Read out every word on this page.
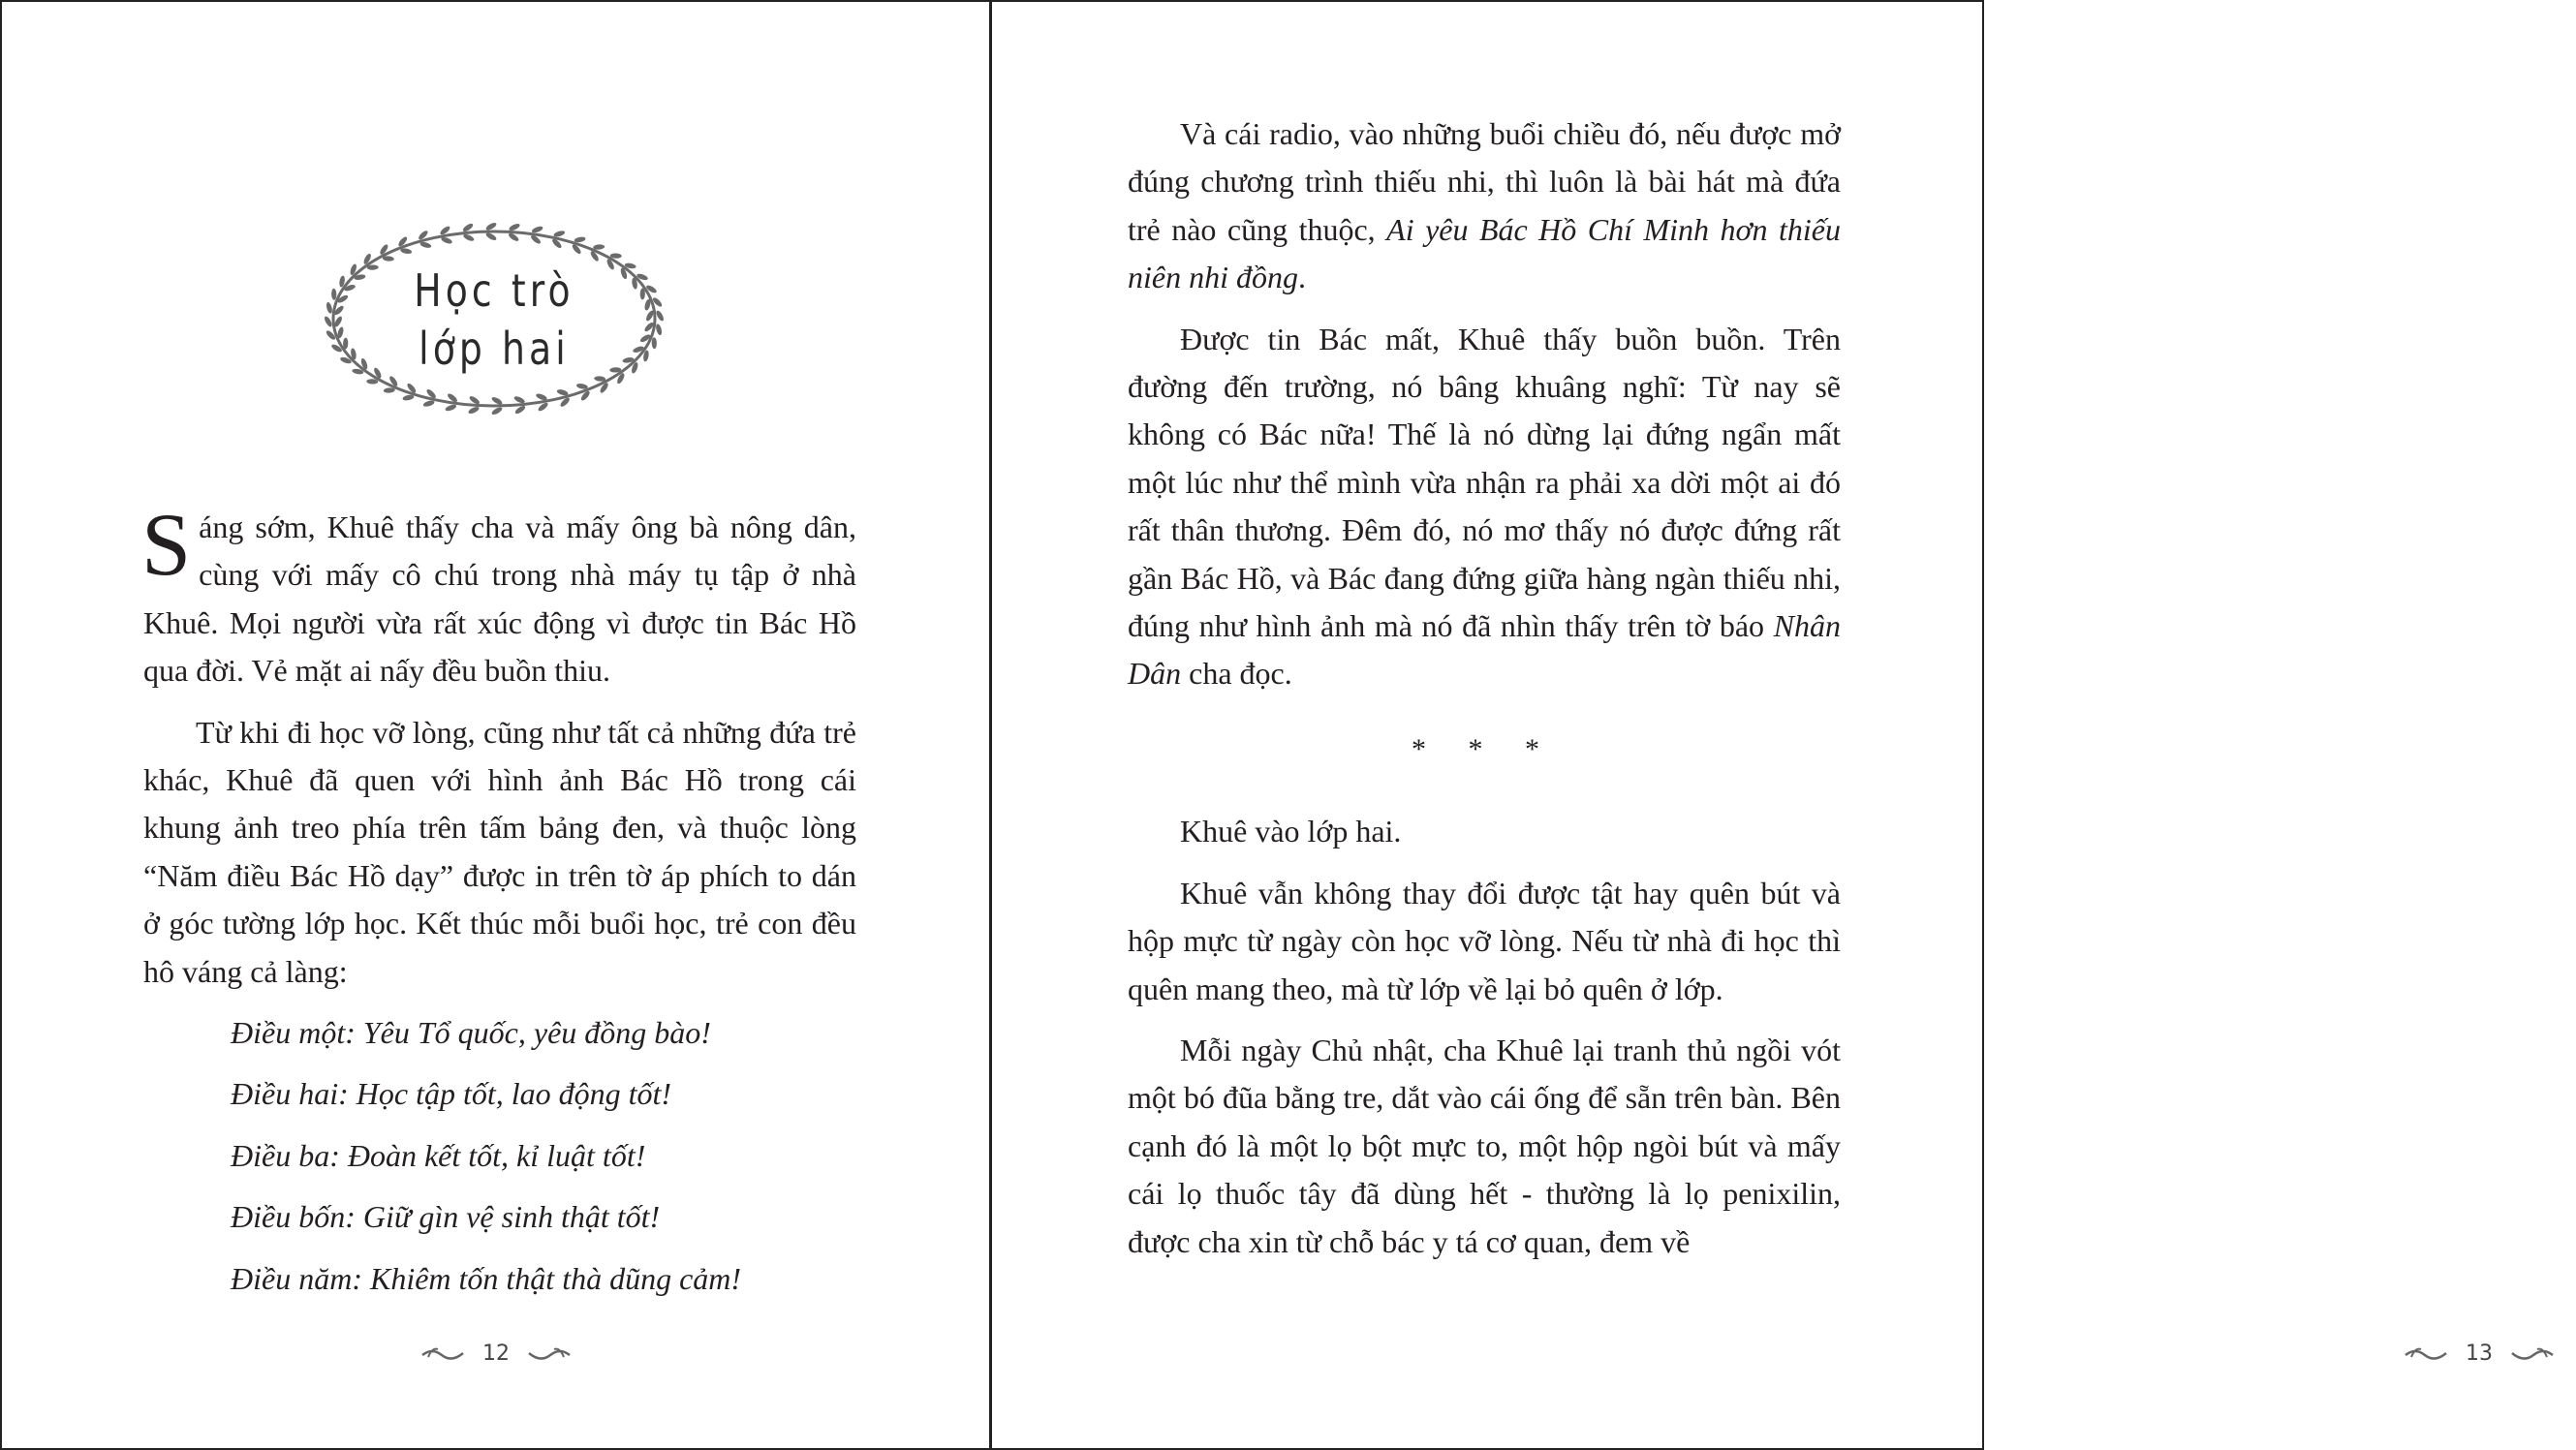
Học trò
lớp hai

Sáng sớm, Khuê thấy cha và mấy ông bà nông dân, cùng với mấy cô chú trong nhà máy tụ tập ở nhà Khuê. Mọi người vừa rất xúc động vì được tin Bác Hồ qua đời. Vẻ mặt ai nấy đều buồn thiu.

Từ khi đi học vỡ lòng, cũng như tất cả những đứa trẻ khác, Khuê đã quen với hình ảnh Bác Hồ trong cái khung ảnh treo phía trên tấm bảng đen, và thuộc lòng “Năm điều Bác Hồ dạy” được in trên tờ áp phích to dán ở góc tường lớp học. Kết thúc mỗi buổi học, trẻ con đều hô váng cả làng:

Điều một: Yêu Tổ quốc, yêu đồng bào!
Điều hai: Học tập tốt, lao động tốt!
Điều ba: Đoàn kết tốt, kỉ luật tốt!
Điều bốn: Giữ gìn vệ sinh thật tốt!
Điều năm: Khiêm tốn thật thà dũng cảm!
12

Và cái radio, vào những buổi chiều đó, nếu được mở đúng chương trình thiếu nhi, thì luôn là bài hát mà đứa trẻ nào cũng thuộc, Ai yêu Bác Hồ Chí Minh hơn thiếu niên nhi đồng.

Được tin Bác mất, Khuê thấy buồn buồn. Trên đường đến trường, nó bâng khuâng nghĩ: Từ nay sẽ không có Bác nữa! Thế là nó dừng lại đứng ngẩn mất một lúc như thể mình vừa nhận ra phải xa dời một ai đó rất thân thương. Đêm đó, nó mơ thấy nó được đứng rất gần Bác Hồ, và Bác đang đứng giữa hàng ngàn thiếu nhi, đúng như hình ảnh mà nó đã nhìn thấy trên tờ báo Nhân Dân cha đọc.

* * *

Khuê vào lớp hai.

Khuê vẫn không thay đổi được tật hay quên bút và hộp mực từ ngày còn học vỡ lòng. Nếu từ nhà đi học thì quên mang theo, mà từ lớp về lại bỏ quên ở lớp.

Mỗi ngày Chủ nhật, cha Khuê lại tranh thủ ngồi vót một bó đũa bằng tre, dắt vào cái ống để sẵn trên bàn. Bên cạnh đó là một lọ bột mực to, một hộp ngòi bút và mấy cái lọ thuốc tây đã dùng hết - thường là lọ penixilin, được cha xin từ chỗ bác y tá cơ quan, đem về

13
